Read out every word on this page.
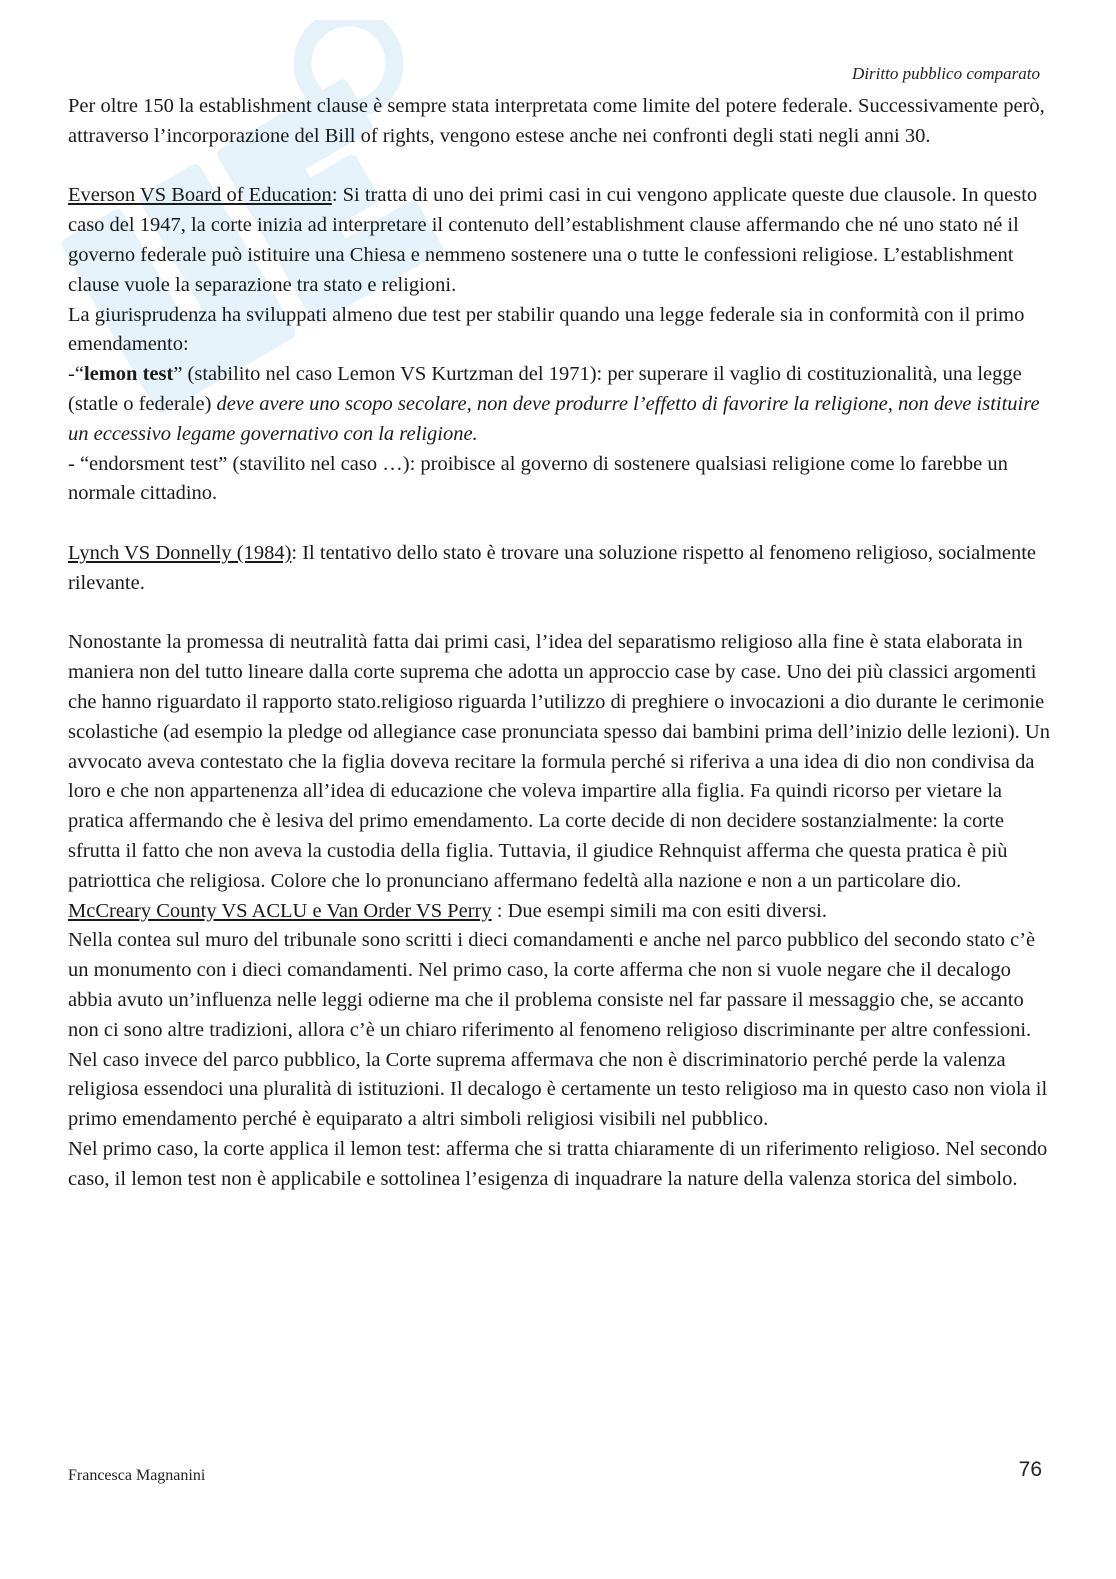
Diritto pubblico comparato

Per oltre 150 la establishment clause è sempre stata interpretata come limite del potere federale. Successivamente però, attraverso l’incorporazione del Bill of rights, vengono estese anche nei confronti degli stati negli anni 30.

Everson VS Board of Education: Si tratta di uno dei primi casi in cui vengono applicate queste due clausole. In questo caso del 1947, la corte inizia ad interpretare il contenuto dell’establishment clause affermando che né uno stato né il governo federale può istituire una Chiesa e nemmeno sostenere una o tutte le confessioni religiose. L’establishment clause vuole la separazione tra stato e religioni.

La giurisprudenza ha sviluppati almeno due test per stabilir quando una legge federale sia in conformità con il primo emendamento:

-“lemon test” (stabilito nel caso Lemon VS Kurtzman del 1971): per superare il vaglio di costituzionalità, una legge (statle o federale) deve avere uno scopo secolare, non deve produrre l’effetto di favorire la religione, non deve istituire un eccessivo legame governativo con la religione.

- “endorsment test” (stavilito nel caso …): proibisce al governo di sostenere qualsiasi religione come lo farebbe un normale cittadino.

Lynch VS Donnelly (1984): Il tentativo dello stato è trovare una soluzione rispetto al fenomeno religioso, socialmente rilevante.

Nonostante la promessa di neutralità fatta dai primi casi, l’idea del separatismo religioso alla fine è stata elaborata in maniera non del tutto lineare dalla corte suprema che adotta un approccio case by case. Uno dei più classici argomenti che hanno riguardato il rapporto stato.religioso riguarda l’utilizzo di preghiere o invocazioni a dio durante le cerimonie scolastiche (ad esempio la pledge od allegiance case pronunciata spesso dai bambini prima dell’inizio delle lezioni). Un avvocato aveva contestato che la figlia doveva recitare la formula perché si riferiva a una idea di dio non condivisa da loro e che non appartenenza all’idea di educazione che voleva impartire alla figlia. Fa quindi ricorso per vietare la pratica affermando che è lesiva del primo emendamento. La corte decide di non decidere sostanzialmente: la corte sfrutta il fatto che non aveva la custodia della figlia. Tuttavia, il giudice Rehnquist afferma che questa pratica è più patriottica che religiosa. Colore che lo pronunciano affermano fedeltà alla nazione e non a un particolare dio.

McCreary County VS ACLU e Van Order VS Perry : Due esempi simili ma con esiti diversi.

Nella contea sul muro del tribunale sono scritti i dieci comandamenti e anche nel parco pubblico del secondo stato c’è un monumento con i dieci comandamenti. Nel primo caso, la corte afferma che non si vuole negare che il decalogo abbia avuto un’influenza nelle leggi odierne ma che il problema consiste nel far passare il messaggio che, se accanto non ci sono altre tradizioni, allora c’è un chiaro riferimento al fenomeno religioso discriminante per altre confessioni.

Nel caso invece del parco pubblico, la Corte suprema affermava che non è discriminatorio perché perde la valenza religiosa essendoci una pluralità di istituzioni. Il decalogo è certamente un testo religioso ma in questo caso non viola il primo emendamento perché è equiparato a altri simboli religiosi visibili nel pubblico.

Nel primo caso, la corte applica il lemon test: afferma che si tratta chiaramente di un riferimento religioso. Nel secondo caso, il lemon test non è applicabile e sottolinea l’esigenza di inquadrare la nature della valenza storica del simbolo.

Francesca Magnanini	76
